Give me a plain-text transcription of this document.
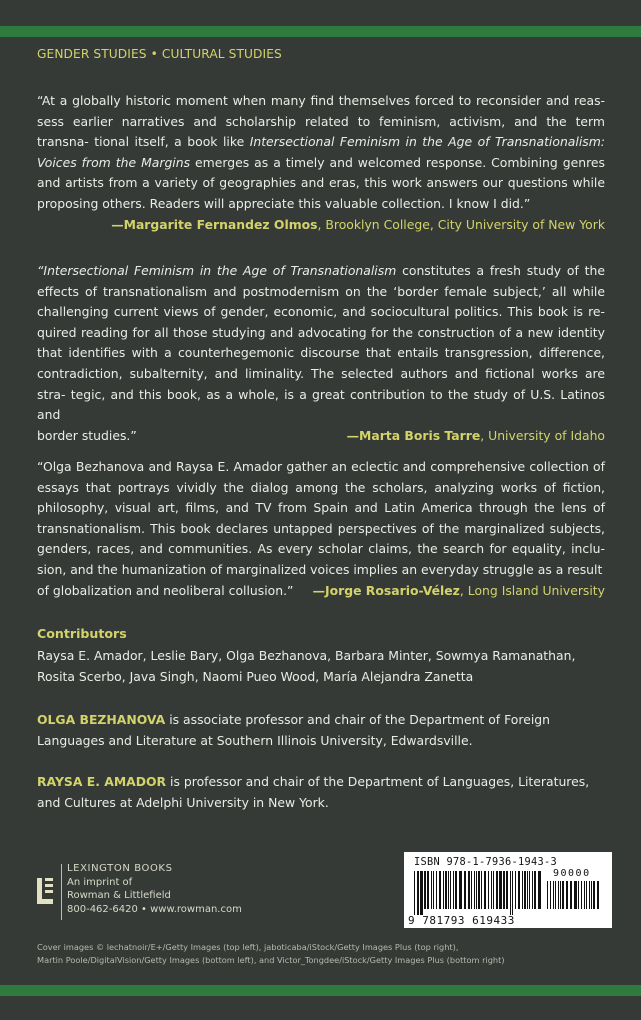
GENDER STUDIES • CULTURAL STUDIES
“At a globally historic moment when many find themselves forced to reconsider and reas- sess earlier narratives and scholarship related to feminism, activism, and the term transna- tional itself, a book like Intersectional Feminism in the Age of Transnationalism: Voices from the Margins emerges as a timely and welcomed response. Combining genres and artists from a variety of geographies and eras, this work answers our questions while proposing others. Readers will appreciate this valuable collection. I know I did.”
—Margarite Fernandez Olmos, Brooklyn College, City University of New York
“Intersectional Feminism in the Age of Transnationalism constitutes a fresh study of the effects of transnationalism and postmodernism on the ‘border female subject,’ all while challenging current views of gender, economic, and sociocultural politics. This book is re- quired reading for all those studying and advocating for the construction of a new identity that identifies with a counterhegemonic discourse that entails transgression, difference, contradiction, subalternity, and liminality. The selected authors and fictional works are stra- tegic, and this book, as a whole, is a great contribution to the study of U.S. Latinos and
border studies.”	—Marta Boris Tarre, University of Idaho
“Olga Bezhanova and Raysa E. Amador gather an eclectic and comprehensive collection of essays that portrays vividly the dialog among the scholars, analyzing works of fiction, philosophy, visual art, films, and TV from Spain and Latin America through the lens of transnationalism. This book declares untapped perspectives of the marginalized subjects, genders, races, and communities. As every scholar claims, the search for equality, inclu- sion, and the humanization of marginalized voices implies an everyday struggle as a result
of globalization and neoliberal collusion.” —Jorge Rosario-Vélez, Long Island University
Contributors
Raysa E. Amador, Leslie Bary, Olga Bezhanova, Barbara Minter, Sowmya Ramanathan,
Rosita Scerbo, Java Singh, Naomi Pueo Wood, María Alejandra Zanetta
OLGA BEZHANOVA is associate professor and chair of the Department of Foreign Languages and Literature at Southern Illinois University, Edwardsville.
RAYSA E. AMADOR is professor and chair of the Department of Languages, Literatures, and Cultures at Adelphi University in New York.
LEXINGTON BOOKS
An imprint of
Rowman & Littlefield
800-462-6420 • www.rowman.com
ISBN 978-1-7936-1943-3
90000
9 781793 619433
Cover images © lechatnoir/E+/Getty Images (top left), jaboticaba/iStock/Getty Images Plus (top right),
Martin Poole/DigitalVision/Getty Images (bottom left), and Victor_Tongdee/iStock/Getty Images Plus (bottom right)
